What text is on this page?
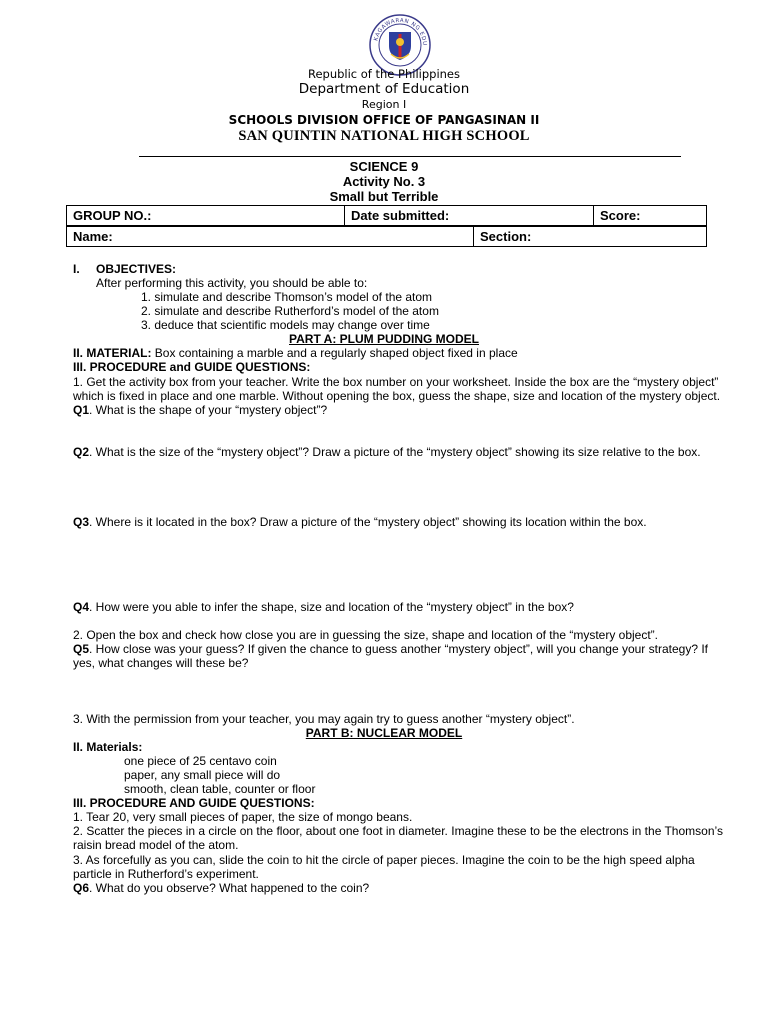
KAGAWARAN NG EDU
Republic of the Philippines
Department of Education
Region I
SCHOOLS DIVISION OFFICE OF PANGASINAN II
SAN QUINTIN NATIONAL HIGH SCHOOL
SCIENCE 9
Activity No. 3
Small but Terrible
GROUP NO.:	Date submitted:	Score:
Name:	Section:
I. OBJECTIVES:
After performing this activity, you should be able to:
1. simulate and describe Thomson’s model of the atom
2. simulate and describe Rutherford’s model of the atom
3. deduce that scientific models may change over time
PART A: PLUM PUDDING MODEL
II. MATERIAL: Box containing a marble and a regularly shaped object fixed in place
III. PROCEDURE and GUIDE QUESTIONS:
1. Get the activity box from your teacher. Write the box number on your worksheet. Inside the box are the “mystery object”
which is fixed in place and one marble. Without opening the box, guess the shape, size and location of the mystery object.
Q1. What is the shape of your “mystery object”?
Q2. What is the size of the “mystery object”? Draw a picture of the “mystery object” showing its size relative to the box.
Q3. Where is it located in the box? Draw a picture of the “mystery object” showing its location within the box.
Q4. How were you able to infer the shape, size and location of the “mystery object” in the box?
2. Open the box and check how close you are in guessing the size, shape and location of the “mystery object”.
Q5. How close was your guess? If given the chance to guess another “mystery object”, will you change your strategy? If
yes, what changes will these be?
3. With the permission from your teacher, you may again try to guess another “mystery object”.
PART B: NUCLEAR MODEL
II. Materials:
one piece of 25 centavo coin
paper, any small piece will do
smooth, clean table, counter or floor
III. PROCEDURE AND GUIDE QUESTIONS:
1. Tear 20, very small pieces of paper, the size of mongo beans.
2. Scatter the pieces in a circle on the floor, about one foot in diameter. Imagine these to be the electrons in the Thomson’s
raisin bread model of the atom.
3. As forcefully as you can, slide the coin to hit the circle of paper pieces. Imagine the coin to be the high speed alpha
particle in Rutherford’s experiment.
Q6. What do you observe? What happened to the coin?
